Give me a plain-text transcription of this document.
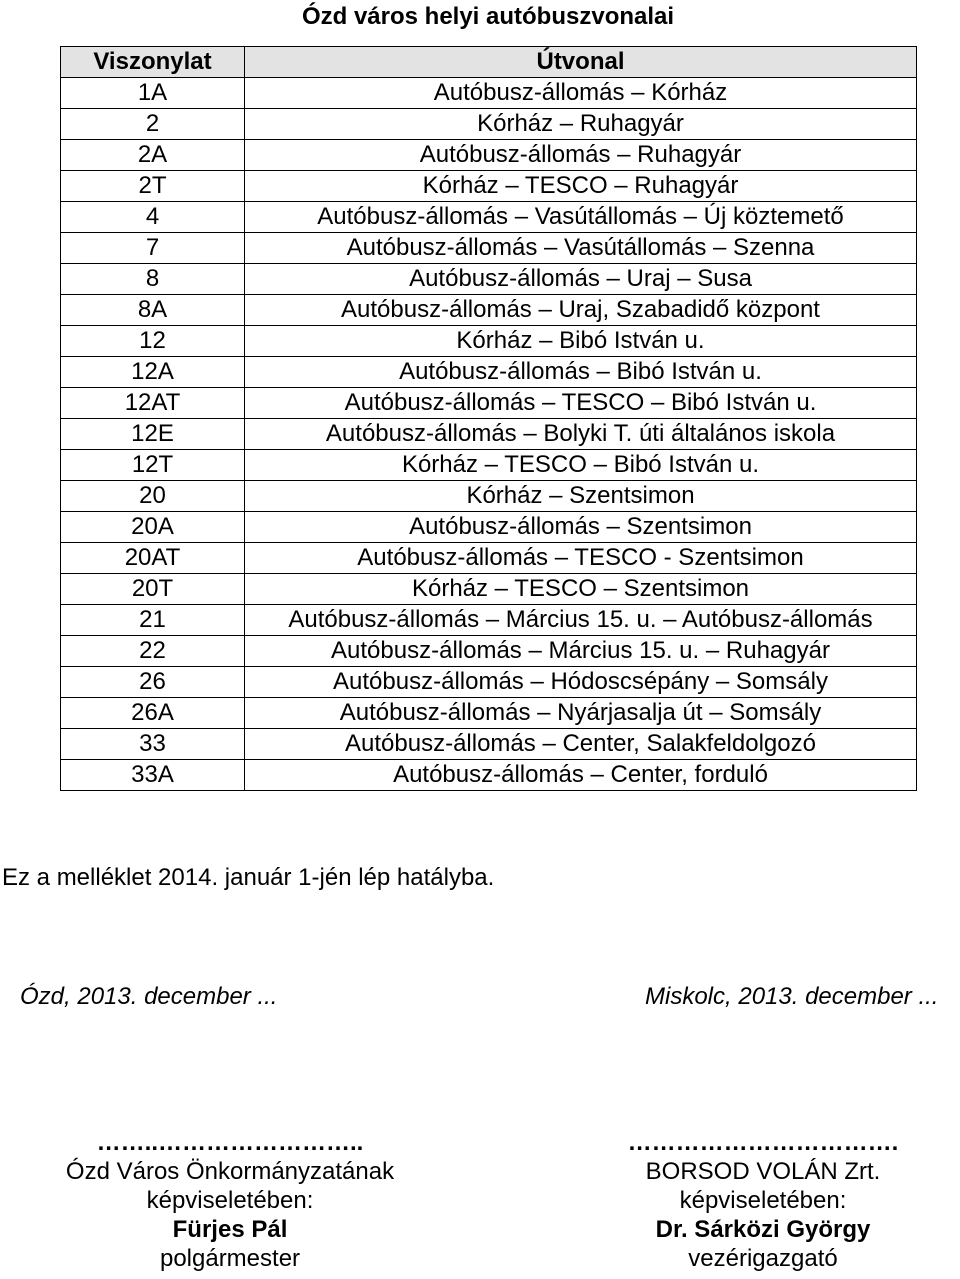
Ózd város helyi autóbuszvonalai
Viszonylat	Útvonal
1A	Autóbusz-állomás – Kórház
2	Kórház – Ruhagyár
2A	Autóbusz-állomás – Ruhagyár
2T	Kórház – TESCO – Ruhagyár
4	Autóbusz-állomás – Vasútállomás – Új köztemető
7	Autóbusz-állomás – Vasútállomás – Szenna
8	Autóbusz-állomás – Uraj – Susa
8A	Autóbusz-állomás – Uraj, Szabadidő központ
12	Kórház – Bibó István u.
12A	Autóbusz-állomás – Bibó István u.
12AT	Autóbusz-állomás – TESCO – Bibó István u.
12E	Autóbusz-állomás – Bolyki T. úti általános iskola
12T	Kórház – TESCO – Bibó István u.
20	Kórház – Szentsimon
20A	Autóbusz-állomás – Szentsimon
20AT	Autóbusz-állomás – TESCO - Szentsimon
20T	Kórház – TESCO – Szentsimon
21	Autóbusz-állomás – Március 15. u. – Autóbusz-állomás
22	Autóbusz-állomás – Március 15. u. – Ruhagyár
26	Autóbusz-állomás – Hódoscsépány – Somsály
26A	Autóbusz-állomás – Nyárjasalja út – Somsály
33	Autóbusz-állomás – Center, Salakfeldolgozó
33A	Autóbusz-állomás – Center, forduló
Ez a melléklet 2014. január 1-jén lép hatályba.
Ózd, 2013. december ...	Miskolc, 2013. december ...
……..……………………..
Ózd Város Önkormányzatának
képviseletében:
Fürjes Pál
polgármester
…………………………….
BORSOD VOLÁN Zrt.
képviseletében:
Dr. Sárközi György
vezérigazgató
